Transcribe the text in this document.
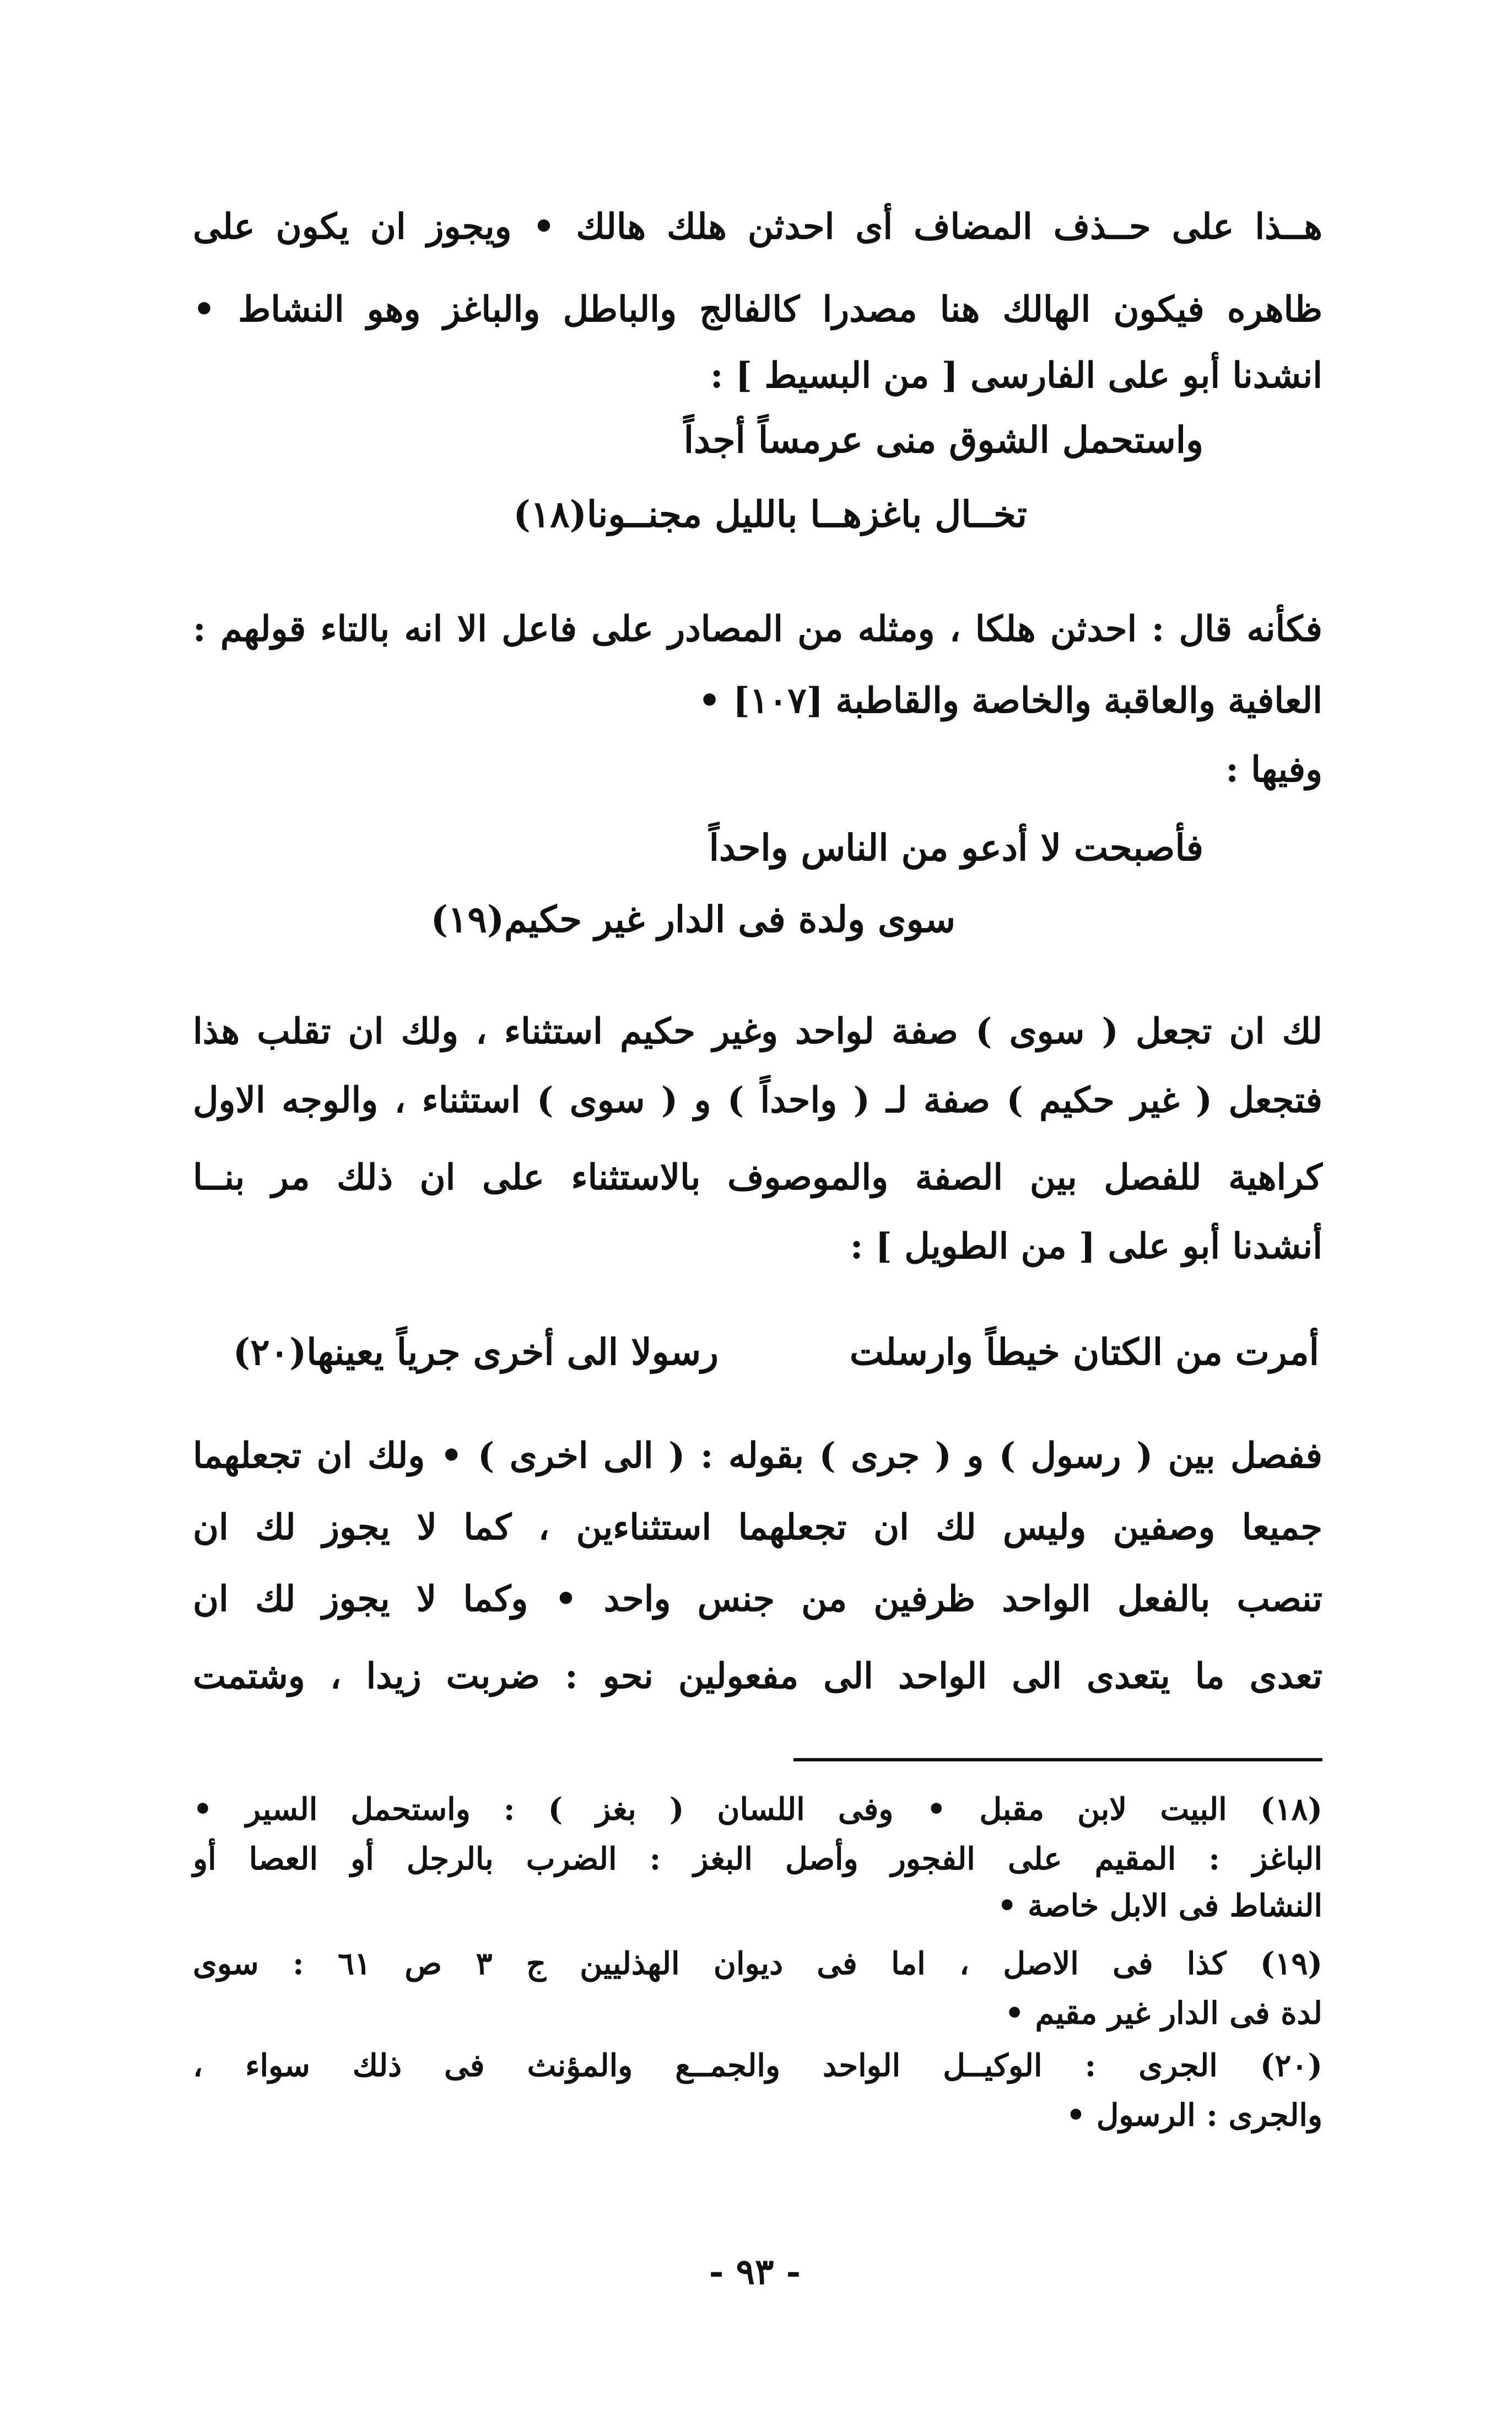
هــذا على حــذف المضاف أى احدثن هلك هالك • ويجوز ان يكون على
ظاهره فيكون الهالك هنا مصدرا كالفالج والباطل والباغز وهو النشاط •
انشدنا أبو على الفارسى [ من البسيط ] :
واستحمل الشوق منى عرمساً أجداً
تخــال باغزهــا بالليل مجنــونا(١٨)
فكأنه قال : احدثن هلكا ، ومثله من المصادر على فاعل الا انه بالتاء قولهم :
العافية والعاقبة والخاصة والقاطبة [١٠٧] •
وفيها :
فأصبحت لا أدعو من الناس واحداً
سوى ولدة فى الدار غير حكيم(١٩)
لك ان تجعل ( سوى ) صفة لواحد وغير حكيم استثناء ، ولك ان تقلب هذا
فتجعل ( غير حكيم ) صفة لـ ( واحداً ) و ( سوى ) استثناء ، والوجه الاول
كراهية للفصل بين الصفة والموصوف بالاستثناء على ان ذلك مر بنــا
أنشدنا أبو على [ من الطويل ] :
أمرت من الكتان خيطاً وارسلت
رسولا الى أخرى جرياً يعينها(٢٠)
ففصل بين ( رسول ) و ( جرى ) بقوله : ( الى اخرى ) • ولك ان تجعلهما
جميعا وصفين وليس لك ان تجعلهما استثناءين ، كما لا يجوز لك ان
تنصب بالفعل الواحد ظرفين من جنس واحد • وكما لا يجوز لك ان
تعدى ما يتعدى الى الواحد الى مفعولين نحو : ضربت زيدا ، وشتمت
(١٨) البيت لابن مقبل • وفى اللسان ( بغز ) : واستحمل السير •
الباغز : المقيم على الفجور وأصل البغز : الضرب بالرجل أو العصا أو
النشاط فى الابل خاصة •
(١٩) كذا فى الاصل ، اما فى ديوان الهذليين ج ٣ ص ٦١ : سوى
لدة فى الدار غير مقيم •
(٢٠) الجرى : الوكيــل الواحد والجمــع والمؤنث فى ذلك سواء ،
والجرى : الرسول •
- ٩٣ -
